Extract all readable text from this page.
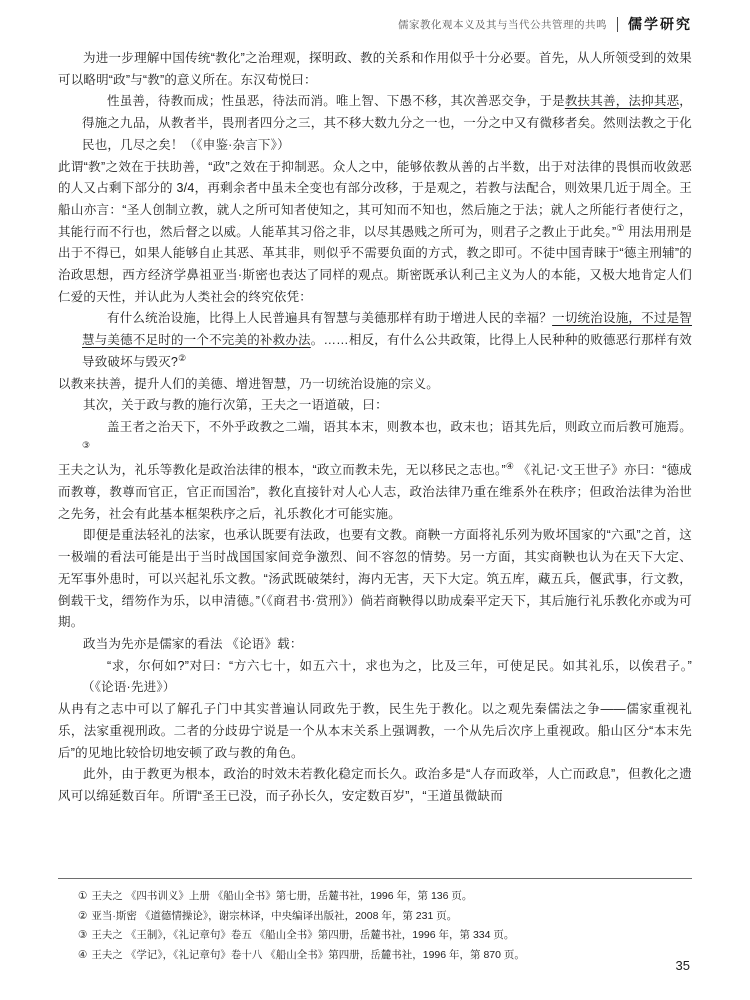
儒家教化观本义及其与当代公共管理的共鸣 儒学研究

为进一步理解中国传统“教化”之治理观，探明政、教的关系和作用似乎十分必要。首先，从人所领受到的效果可以略明“政”与“教”的意义所在。东汉荀悦曰：

性虽善，待教而成；性虽恶，待法而消。唯上智、下愚不移，其次善恶交争，于是教扶其善，法抑其恶，得施之九品，从教者半，畏刑者四分之三，其不移大数九分之一也，一分之中又有微移者矣。然则法教之于化民也，几尽之矣！（《申鉴·杂言下》）

此谓“教”之效在于扶助善，“政”之效在于抑制恶。众人之中，能够依教从善的占半数，出于对法律的畏惧而收敛恶的人又占剩下部分的 3/4，再剩余者中虽未全变也有部分改移，于是观之，若教与法配合，则效果几近于周全。王船山亦言：“圣人创制立教，就人之所可知者使知之，其可知而不知也，然后施之于法；就人之所能行者使行之，其能行而不行也，然后督之以威。人能革其习俗之非，以尽其愚贱之所可为，则君子之教止于此矣。”① 用法用刑是出于不得已，如果人能够自止其恶、革其非，则似乎不需要负面的方式，教之即可。不徒中国青睐于“德主刑辅”的治政思想，西方经济学鼻祖亚当·斯密也表达了同样的观点。斯密既承认利己主义为人的本能，又极大地肯定人们仁爱的天性，并认此为人类社会的终究依凭：

有什么统治设施，比得上人民普遍具有智慧与美德那样有助于增进人民的幸福？一切统治设施，不过是智慧与美德不足时的一个不完美的补救办法。……相反，有什么公共政策，比得上人民种种的败德恶行那样有效导致破坏与毁灭?②

以教来扶善，提升人们的美德、增进智慧，乃一切统治设施的宗义。

其次，关于政与教的施行次第，王夫之一语道破，曰：

盖王者之治天下，不外乎政教之二端，语其本末，则教本也，政末也；语其先后，则政立而后教可施焉。③

王夫之认为，礼乐等教化是政治法律的根本，“政立而教未先，无以移民之志也。”④ 《礼记·文王世子》亦曰：“德成而教尊，教尊而官正，官正而国治”，教化直接针对人心人志，政治法律乃重在维系外在秩序；但政治法律为治世之先务，社会有此基本框架秩序之后，礼乐教化才可能实施。

即便是重法轻礼的法家，也承认既要有法政，也要有文教。商鞅一方面将礼乐列为败坏国家的“六虱”之首，这一极端的看法可能是出于当时战国国家间竞争激烈、间不容忽的情势。另一方面，其实商鞅也认为在天下大定、无军事外患时，可以兴起礼乐文教。“汤武既破桀纣，海内无害，天下大定。筑五库，藏五兵，偃武事，行文教，倒载干戈，缙笏作为乐，以申清德。”（《商君书·赏刑》）倘若商鞅得以助成秦平定天下，其后施行礼乐教化亦或为可期。

政当为先亦是儒家的看法 《论语》载：

“求，尔何如?”对曰：“方六七十，如五六十，求也为之，比及三年，可使足民。如其礼乐，以俟君子。”（《论语·先进》）

从冉有之志中可以了解孔子门中其实普遍认同政先于教，民生先于教化。以之观先秦儒法之争——儒家重视礼乐，法家重视刑政。二者的分歧毋宁说是一个从本末关系上强调教，一个从先后次序上重视政。船山区分“本末先后”的见地比较恰切地安顿了政与教的角色。

此外，由于教更为根本，政治的时效未若教化稳定而长久。政治多是“人存而政举，人亡而政息”，但教化之遗风可以绵延数百年。所谓“圣王已没，而子孙长久，安定数百岁”，“王道虽微缺而

① 王夫之 《四书训义》上册 《船山全书》第七册，岳麓书社，1996 年，第 136 页。

② 亚当·斯密 《道德情操论》，谢宗林译，中央编译出版社，2008 年，第 231 页。

③ 王夫之 《王制》，《礼记章句》卷五 《船山全书》第四册，岳麓书社，1996 年，第 334 页。

④ 王夫之 《学记》，《礼记章句》卷十八 《船山全书》第四册，岳麓书社，1996 年，第 870 页。

35
